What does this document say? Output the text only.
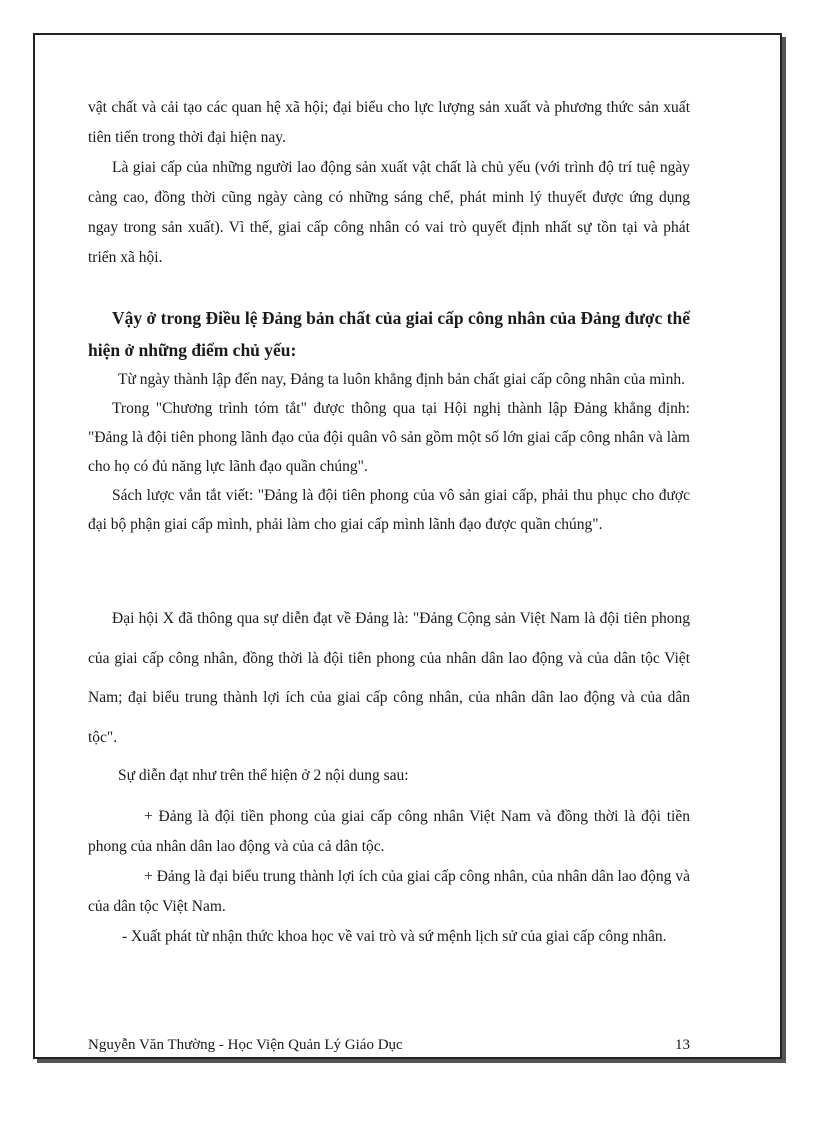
vật chất và cải tạo các quan hệ xã hội; đại biểu cho lực lượng sản xuất và phương thức sản xuất tiên tiến trong thời đại hiện nay.

Là giai cấp của những người lao động sản xuất vật chất là chủ yếu (với trình độ trí tuệ ngày càng cao, đồng thời cũng ngày càng có những sáng chế, phát minh lý thuyết được ứng dụng ngay trong sản xuất). Vì thế, giai cấp công nhân có vai trò quyết định nhất sự tồn tại và phát triển xã hội.

Vậy ở trong Điều lệ Đảng bản chất của giai cấp công nhân của Đảng được thể hiện ở những điểm chủ yếu:

Từ ngày thành lập đến nay, Đảng ta luôn khẳng định bản chất giai cấp công nhân của mình.

Trong "Chương trình tóm tắt" được thông qua tại Hội nghị thành lập Đảng khẳng định: "Đảng là đội tiên phong lãnh đạo của đội quân vô sản gồm một số lớn giai cấp công nhân và làm cho họ có đủ năng lực lãnh đạo quần chúng".

Sách lược vắn tắt viết: "Đảng là đội tiên phong của vô sản giai cấp, phải thu phục cho được đại bộ phận giai cấp mình, phải làm cho giai cấp mình lãnh đạo được quần chúng".

Đại hội X đã thông qua sự diễn đạt về Đảng là: "Đảng Cộng sản Việt Nam là đội tiên phong của giai cấp công nhân, đồng thời là đội tiên phong của nhân dân lao động và của dân tộc Việt Nam; đại biểu trung thành lợi ích của giai cấp công nhân, của nhân dân lao động và của dân tộc".

Sự diễn đạt như trên thể hiện ở 2 nội dung sau:

+ Đảng là đội tiền phong của giai cấp công nhân Việt Nam và đồng thời là đội tiền phong của nhân dân lao động và của cả dân tộc.

+ Đảng là đại biểu trung thành lợi ích của giai cấp công nhân, của nhân dân lao động và của dân tộc Việt Nam.

- Xuất phát từ nhận thức khoa học về vai trò và sứ mệnh lịch sử của giai cấp công nhân.

Nguyễn Văn Thường - Học Viện Quản Lý Giáo Dục	13
